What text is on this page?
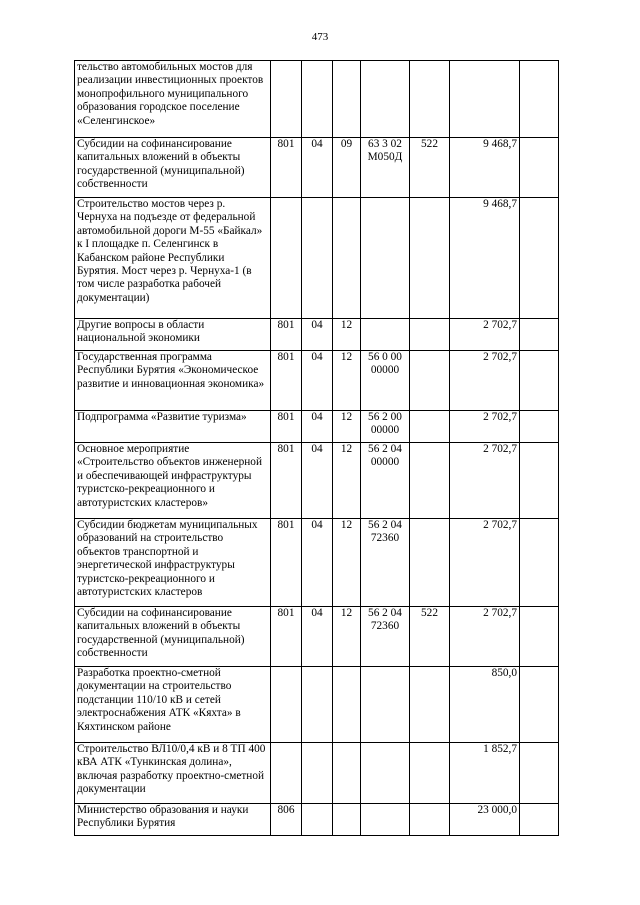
473
тельство автомобильных мостов для реализации инвестиционных проектов монопрофильного муниципального образования городское поселение «Селенгинское»							
Субсидии на софинансирование капитальных вложений в объекты государственной (муниципальной) собственности	801	04	09	63 3 02 М050Д	522	9 468,7	
Строительство мостов через р. Чернуха на подъезде от федеральной автомобильной дороги М-55 «Байкал» к I площадке п. Селенгинск в Кабанском районе Республики Бурятия. Мост через р. Чернуха-1 (в том числе разработка рабочей документации)						9 468,7	
Другие вопросы в области национальной экономики	801	04	12			2 702,7	
Государственная программа Республики Бурятия «Экономическое развитие и инновационная экономика»	801	04	12	56 0 00 00000		2 702,7	
Подпрограмма «Развитие туризма»	801	04	12	56 2 00 00000		2 702,7	
Основное мероприятие «Строительство объектов инженерной и обеспечивающей инфраструктуры туристско-рекреационного и автотуристских кластеров»	801	04	12	56 2 04 00000		2 702,7	
Субсидии бюджетам муниципальных образований на строительство объектов транспортной и энергетической инфраструктуры туристско-рекреационного и автотуристских кластеров	801	04	12	56 2 04 72360		2 702,7	
Субсидии на софинансирование капитальных вложений в объекты государственной (муниципальной) собственности	801	04	12	56 2 04 72360	522	2 702,7	
Разработка проектно-сметной документации на строительство подстанции 110/10 кВ и сетей электроснабжения АТК «Кяхта» в Кяхтинском районе						850,0	
Строительство ВЛ10/0,4 кВ и 8 ТП 400 кВА АТК «Тункинская долина», включая разработку проектно-сметной документации						1 852,7	
Министерство образования и науки Республики Бурятия	806					23 000,0	
